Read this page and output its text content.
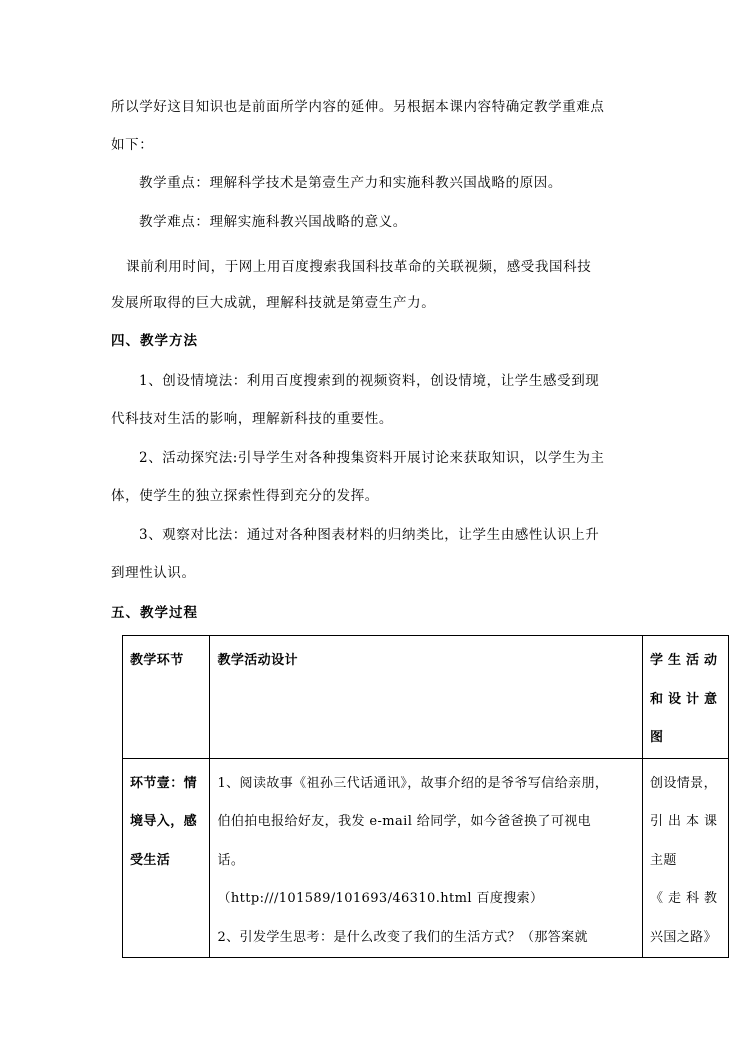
所以学好这目知识也是前面所学内容的延伸。另根据本课内容特确定教学重难点
如下：
教学重点：理解科学技术是第壹生产力和实施科教兴国战略的原因。
教学难点：理解实施科教兴国战略的意义。
课前利用时间，于网上用百度搜索我国科技革命的关联视频，感受我国科技
发展所取得的巨大成就，理解科技就是第壹生产力。
四、教学方法
1、创设情境法：利用百度搜索到的视频资料，创设情境，让学生感受到现
代科技对生活的影响，理解新科技的重要性。
2、活动探究法:引导学生对各种搜集资料开展讨论来获取知识，以学生为主
体，使学生的独立探索性得到充分的发挥。
3、观察对比法：通过对各种图表材料的归纳类比，让学生由感性认识上升
到理性认识。
五、教学过程
教学环节	教学活动设计	学生活动
和设计意
图

环节壹：情
境导入，感
受生活	1、阅读故事《祖孙三代话通讯》，故事介绍的是爷爷写信给亲朋，
伯伯拍电报给好友，我发 e-mail 给同学，如今爸爸换了可视电
话。
（http:///101589/101693/46310.html 百度搜索）
2、引发学生思考：是什么改变了我们的生活方式？（那答案就	创设情景，
引出本课
主题
《走科教
兴国之路》
